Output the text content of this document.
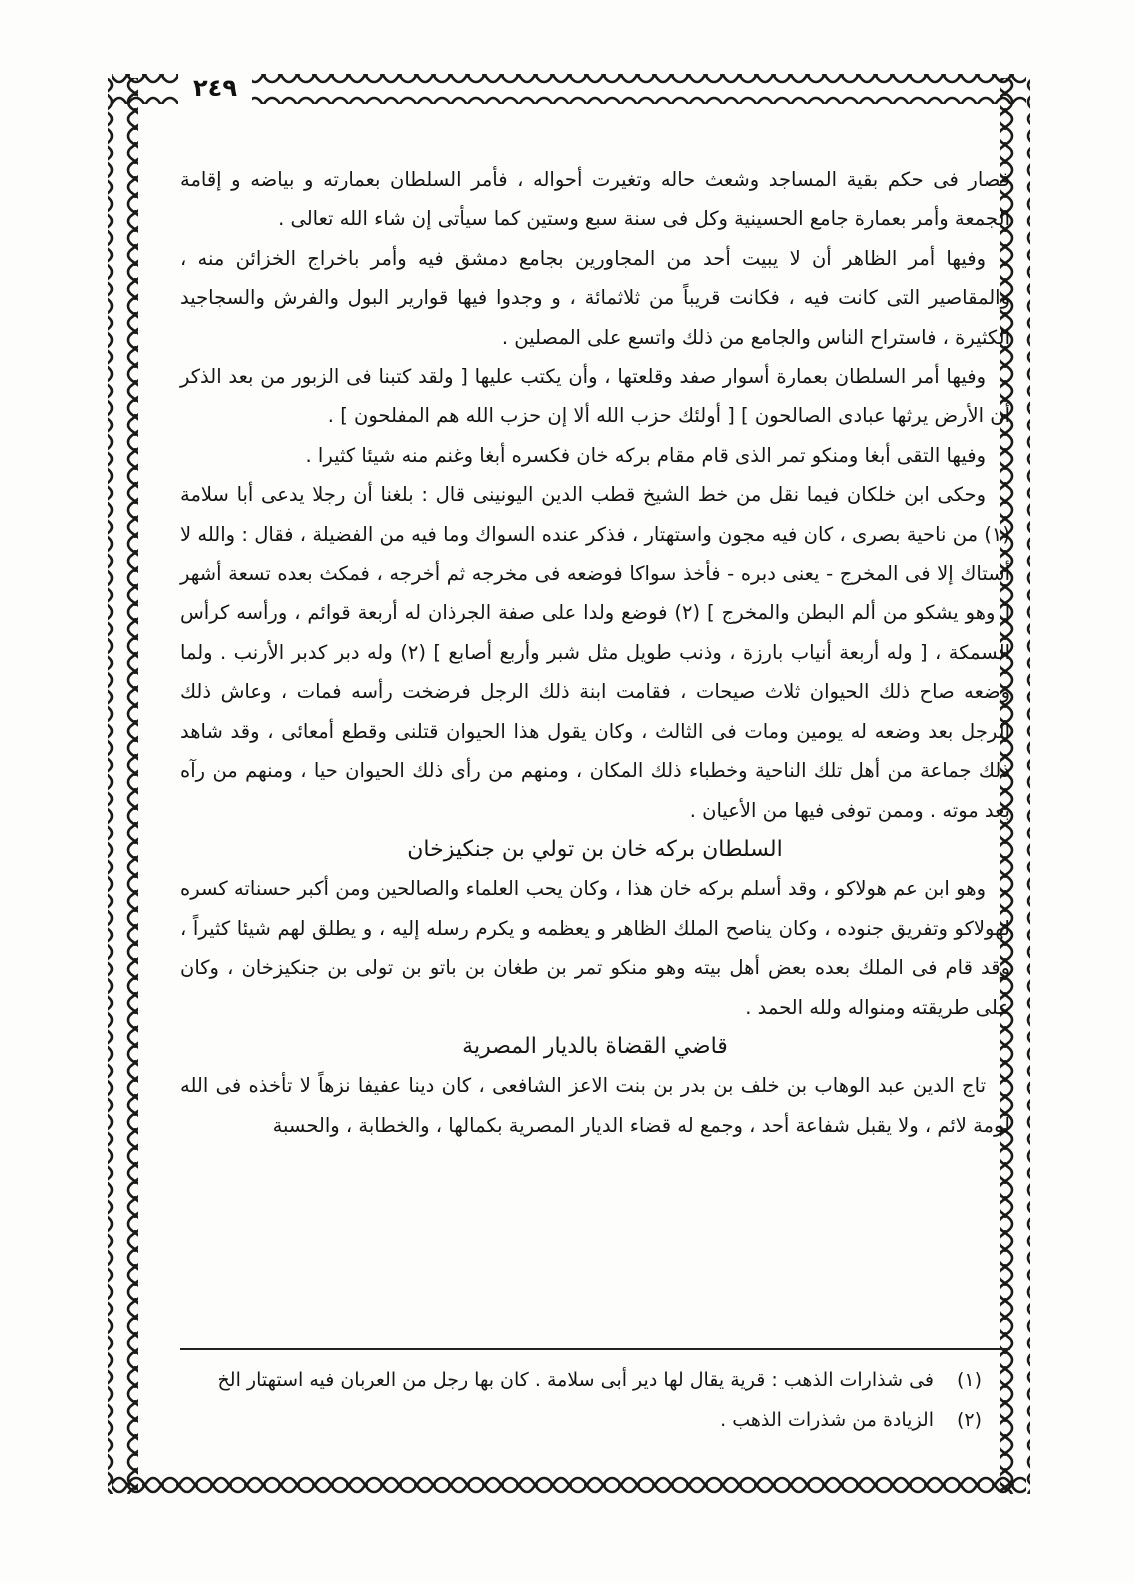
٢٤٩

فصار فى حكم بقية المساجد وشعث حاله وتغيرت أحواله ، فأمر السلطان بعمارته و بياضه و إقامة الجمعة وأمر بعمارة جامع الحسينية وكل فى سنة سبع وستين كما سيأتى إن شاء الله تعالى .

وفيها أمر الظاهر أن لا يبيت أحد من المجاورين بجامع دمشق فيه وأمر باخراج الخزائن منه ، والمقاصير التى كانت فيه ، فكانت قريباً من ثلاثمائة ، و وجدوا فيها قوارير البول والفرش والسجاجيد الكثيرة ، فاستراح الناس والجامع من ذلك واتسع على المصلين .

وفيها أمر السلطان بعمارة أسوار صفد وقلعتها ، وأن يكتب عليها [ ولقد كتبنا فى الزبور من بعد الذكر أن الأرض يرثها عبادى الصالحون ] [ أولئك حزب الله ألا إن حزب الله هم المفلحون ] .

وفيها التقى أبغا ومنكو تمر الذى قام مقام بركه خان فكسره أبغا وغنم منه شيئا كثيرا .

وحكى ابن خلكان فيما نقل من خط الشيخ قطب الدين اليونينى قال : بلغنا أن رجلا يدعى أبا سلامة (١) من ناحية بصرى ، كان فيه مجون واستهتار ، فذكر عنده السواك وما فيه من الفضيلة ، فقال : والله لا أستاك إلا فى المخرج - يعنى دبره - فأخذ سواكا فوضعه فى مخرجه ثم أخرجه ، فمكث بعده تسعة أشهر [ وهو يشكو من ألم البطن والمخرج ] (٢) فوضع ولدا على صفة الجرذان له أربعة قوائم ، ورأسه كرأس السمكة ، [ وله أربعة أنياب بارزة ، وذنب طويل مثل شبر وأربع أصابع ] (٢) وله دبر كدبر الأرنب . ولما وضعه صاح ذلك الحيوان ثلاث صيحات ، فقامت ابنة ذلك الرجل فرضخت رأسه فمات ، وعاش ذلك الرجل بعد وضعه له يومين ومات فى الثالث ، وكان يقول هذا الحيوان قتلنى وقطع أمعائى ، وقد شاهد ذلك جماعة من أهل تلك الناحية وخطباء ذلك المكان ، ومنهم من رأى ذلك الحيوان حيا ، ومنهم من رآه بعد موته . وممن توفى فيها من الأعيان .

السلطان بركه خان بن تولي بن جنكيزخان

وهو ابن عم هولاكو ، وقد أسلم بركه خان هذا ، وكان يحب العلماء والصالحين ومن أكبر حسناته كسره لهولاكو وتفريق جنوده ، وكان يناصح الملك الظاهر و يعظمه و يكرم رسله إليه ، و يطلق لهم شيئا كثيراً ، وقد قام فى الملك بعده بعض أهل بيته وهو منكو تمر بن طغان بن باتو بن تولى بن جنكيزخان ، وكان على طريقته ومنواله ولله الحمد .

قاضي القضاة بالديار المصرية

تاج الدين عبد الوهاب بن خلف بن بدر بن بنت الاعز الشافعى ، كان دينا عفيفا نزهاً لا تأخذه فى الله لومة لائم ، ولا يقبل شفاعة أحد ، وجمع له قضاء الديار المصرية بكمالها ، والخطابة ، والحسبة

(١)
فى شذارات الذهب : قرية يقال لها دير أبى سلامة . كان بها رجل من العربان فيه استهتار الخ
(٢)
الزيادة من شذرات الذهب .
